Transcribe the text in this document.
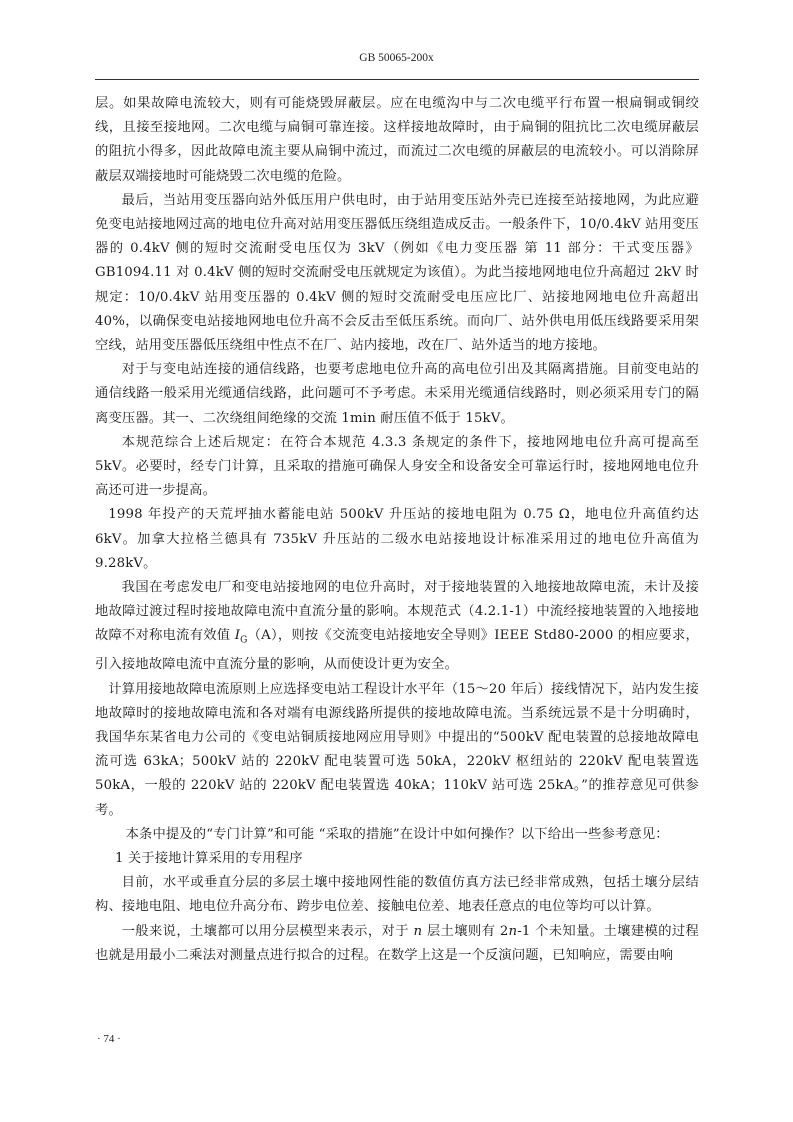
GB 50065-200x

层。如果故障电流较大，则有可能烧毁屏蔽层。应在电缆沟中与二次电缆平行布置一根扁铜或铜绞线，且接至接地网。二次电缆与扁铜可靠连接。这样接地故障时，由于扁铜的阻抗比二次电缆屏蔽层的阻抗小得多，因此故障电流主要从扁铜中流过，而流过二次电缆的屏蔽层的电流较小。可以消除屏蔽层双端接地时可能烧毁二次电缆的危险。

最后，当站用变压器向站外低压用户供电时，由于站用变压站外壳已连接至站接地网，为此应避免变电站接地网过高的地电位升高对站用变压器低压绕组造成反击。一般条件下，10/0.4kV 站用变压器的 0.4kV 侧的短时交流耐受电压仅为 3kV（例如《电力变压器 第 11 部分：干式变压器》GB1094.11 对 0.4kV 侧的短时交流耐受电压就规定为该值）。为此当接地网地电位升高超过 2kV 时规定：10/0.4kV 站用变压器的 0.4kV 侧的短时交流耐受电压应比厂、站接地网地电位升高超出 40%，以确保变电站接地网地电位升高不会反击至低压系统。而向厂、站外供电用低压线路要采用架空线，站用变压器低压绕组中性点不在厂、站内接地，改在厂、站外适当的地方接地。

对于与变电站连接的通信线路，也要考虑地电位升高的高电位引出及其隔离措施。目前变电站的通信线路一般采用光缆通信线路，此问题可不予考虑。未采用光缆通信线路时，则必须采用专门的隔离变压器。其一、二次绕组间绝缘的交流 1min 耐压值不低于 15kV。

本规范综合上述后规定：在符合本规范 4.3.3 条规定的条件下，接地网地电位升高可提高至 5kV。必要时，经专门计算，且采取的措施可确保人身安全和设备安全可靠运行时，接地网地电位升高还可进一步提高。

1998 年投产的天荒坪抽水蓄能电站 500kV 升压站的接地电阻为 0.75 Ω，地电位升高值约达 6kV。加拿大拉格兰德具有 735kV 升压站的二级水电站接地设计标准采用过的地电位升高值为 9.28kV。

我国在考虑发电厂和变电站接地网的电位升高时，对于接地装置的入地接地故障电流，未计及接地故障过渡过程时接地故障电流中直流分量的影响。本规范式（4.2.1-1）中流经接地装置的入地接地故障不对称电流有效值 $I_G(A)$，则按《交流变电站接地安全导则》IEEE Std80-2000 的相应要求，引入接地故障电流中直流分量的影响，从而使设计更为安全。

计算用接地故障电流原则上应选择变电站工程设计水平年（15～20 年后）接线情况下，站内发生接地故障时的接地故障电流和各对端有电源线路所提供的接地故障电流。当系统远景不是十分明确时，我国华东某省电力公司的《变电站铜质接地网应用导则》中提出的“500kV 配电装置的总接地故障电流可选 63kA；500kV 站的 220kV 配电装置可选 50kA，220kV 枢纽站的 220kV 配电装置选 50kA，一般的 220kV 站的 220kV 配电装置选 40kA；110kV 站可选 25kA。”的推荐意见可供参考。

本条中提及的“专门计算”和可能 “采取的措施”在设计中如何操作？以下给出一些参考意见：

1 关于接地计算采用的专用程序

目前，水平或垂直分层的多层土壤中接地网性能的数值仿真方法已经非常成熟，包括土壤分层结构、接地电阻、地电位升高分布、跨步电位差、接触电位差、地表任意点的电位等均可以计算。

一般来说，土壤都可以用分层模型来表示，对于 n 层土壤则有 2n-1 个未知量。土壤建模的过程也就是用最小二乘法对测量点进行拟合的过程。在数学上这是一个反演问题，已知响应，需要由响

· 74 ·
